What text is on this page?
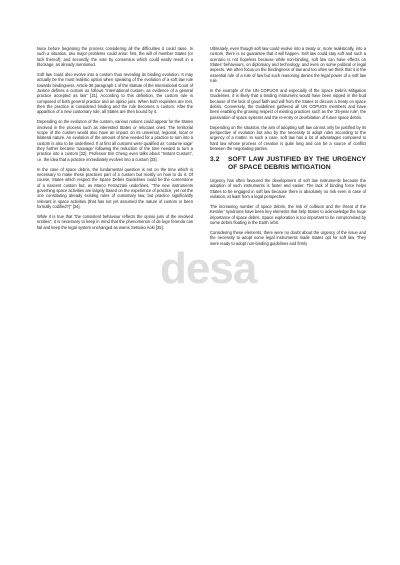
twice before beginning the process considering all the difficulties it could raise. In such a situation, two major problems could arise: first, the will of member States (or lack thereof); and secondly, the vote by consensus which could easily result in a blockage, as already mentioned.

Soft law could also evolve into a custom thus revealing its binding evolution. It may actually be the most realistic option when speaking of the evolution of a soft law rule towards bindingness. Article 38 paragraph 1 of the Statute of the International Court of Justice defines a custom as follows “international custom, as evidence of a general practice accepted as law” [31]. According to this definition, the custom rule is composed of both general practice and an opinio juris. When both requisites are met, then the practice is considered binding and the rule becomes a custom. After the apparition of a new customary rule, all States are then bound by it.

Depending on the evolution of the custom, various notions could appear for the States involved in the process such as interested States or reluctant ones. The territorial scope of the custom would also have an impact on its universal, regional, local or bilateral nature. An evolution of the amount of time needed for a practice to turn into a custom is also to be underlined. If at first all customs were qualified as ‘costume sage’ they further became ‘sauvage’ following the reduction of the time needed to turn a practice into a custom [32]. Professor Bin Cheng even talks about “Instant Custom”, i.e. the idea that a practice immediately evolves into a custom [33].

In the case of space debris, the fundamental question is not on the time which is necessary to make these practices part of a custom but mostly on how to do it. Of course, States which respect the Space Debris Guidelines could be the cornerstone of a nascent custom but, as Marco Ferrazzani underlines, “The new instruments governing space activities are largely based on the experience of practice, yet not the one constituting already existing rules of customary law, but practice significantly relevant in space activities (that has not yet assumed the nature of custom or been formally codified?)” [34].

While it is true that “the consistent behaviour reflects the opinio juris of the involved entities”, it is necessary to keep in mind that the phenomenon of de lege ferenda can fail and keep the legal system unchanged as warns Setsuko Aoki [35].

Ultimately, even though soft law could evolve into a treaty or, more realistically, into a custom, there is no guarantee that it will happen. Soft law could stay soft and such a scenario is not hopeless because while non-binding, soft law can have effects on States’ behaviours, on diplomacy and technology, and even on some political or legal aspects. We often focus on the bindingness of law and too often we think that it is the essential role of a rule of law but such reasoning denies the legal power of a soft law rule.

In the example of the UN COPUOS and especially of the Space Debris Mitigation Guidelines, it is likely that a binding instrument would have been nipped in the bud because of the lack of good faith and will from the States to discuss a treaty on space debris. Conversely, the Guidelines gathered all UN COPUOS members and have been enabling the growing respect of existing practices such as the ‘25-year rule’, the passivation of space systems and the re-entry or deorbitation of future space debris.

Depending on the situation, the aim of adopting soft law cannot only be justified by its perspective of evolution but also by the necessity to adopt rules according to the urgency of a matter. In such a case, soft law has a lot of advantages compared to hard law whose process of creation is quite long and can be a source of conflict between the negotiating parties.

3.2	SOFT LAW JUSTIFIED BY THE URGENCY OF SPACE DEBRIS MITIGATION

Urgency has often favoured the development of soft law instruments because the adoption of such instruments is faster and easier. The lack of binding force helps States to be engaged in soft law because there is absolutely no risk even in case of violation, at least from a legal perspective.

The increasing number of space debris, the risk of collision and the threat of the Kessler’ syndrome have been key elements that help States to acknowledge the huge importance of space debris. Space exploration is too important to be compromised by some debris floating in the Earth orbit.

Considering these elements, there were no doubt about the urgency of the issue and the necessity to adopt some legal instruments made States opt for soft law. They were ready to adopt non-binding guidelines and firmly

desa
